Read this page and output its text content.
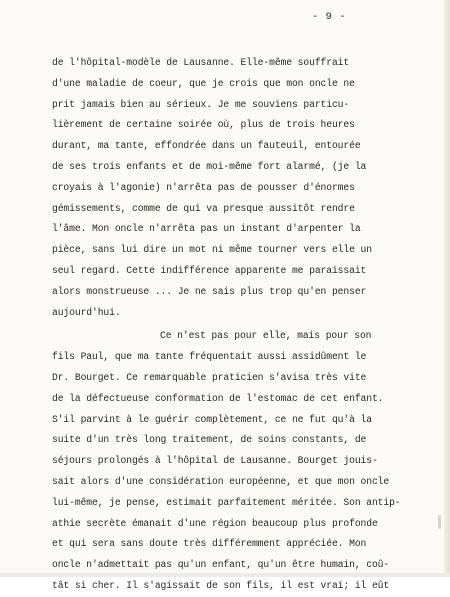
- 9 -
de l'hôpital-modèle de Lausanne. Elle-même souffrait
d'une maladie de coeur, que je crois que mon oncle ne
prit jamais bien au sérieux. Je me souviens particu-
lièrement de certaine soirée où, plus de trois heures
durant, ma tante, effondrée dans un fauteuil, entourée
de ses trois enfants et de moi-même fort alarmé, (je la
croyais à l'agonie) n'arrêta pas de pousser d'énormes
gémissements, comme de qui va presque aussitôt rendre
l'âme. Mon oncle n'arrêta pas un instant d'arpenter la
pièce, sans lui dire un mot ni même tourner vers elle un
seul regard. Cette indifférence apparente me paraissait
alors monstrueuse ... Je ne sais plus trop qu'en penser
aujourd'hui.
Ce n'est pas pour elle, mais pour son
fils Paul, que ma tante fréquentait aussi assidûment le
Dr. Bourget. Ce remarquable praticien s'avisa très vite
de la défectueuse conformation de l'estomac de cet enfant.
S'il parvint à le guérir complètement, ce ne fut qu'à la
suite d'un très long traitement, de soins constants, de
séjours prolongés à l'hôpital de Lausanne. Bourget jouis-
sait alors d'une considération européenne, et que mon oncle
lui-même, je pense, estimait parfaitement méritée. Son antip-
athie secrète émanait d'une région beaucoup plus profonde
et qui sera sans doute très différemment appréciée. Mon
oncle n'admettait pas qu'un enfant, qu'un être humain, coû-
tât si cher. Il s'agissait de son fils, il est vrai; il eût
